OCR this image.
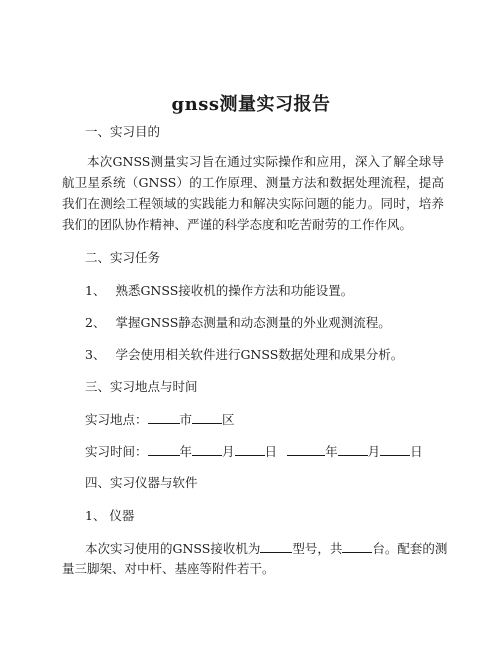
gnss测量实习报告
一、实习目的
本次GNSS测量实习旨在通过实际操作和应用，深入了解全球导航卫星系统（GNSS）的工作原理、测量方法和数据处理流程，提高我们在测绘工程领域的实践能力和解决实际问题的能力。同时，培养我们的团队协作精神、严谨的科学态度和吃苦耐劳的工作作风。
二、实习任务
1、 熟悉GNSS接收机的操作方法和功能设置。
2、 掌握GNSS静态测量和动态测量的外业观测流程。
3、 学会使用相关软件进行GNSS数据处理和成果分析。
三、实习地点与时间
实习地点：	市 区
实习时间：	年 月 日	年 月 日
四、实习仪器与软件
1、 仪器
本次实习使用的GNSS接收机为	型号，共 台。配套的测
量三脚架、对中杆、基座等附件若干。
